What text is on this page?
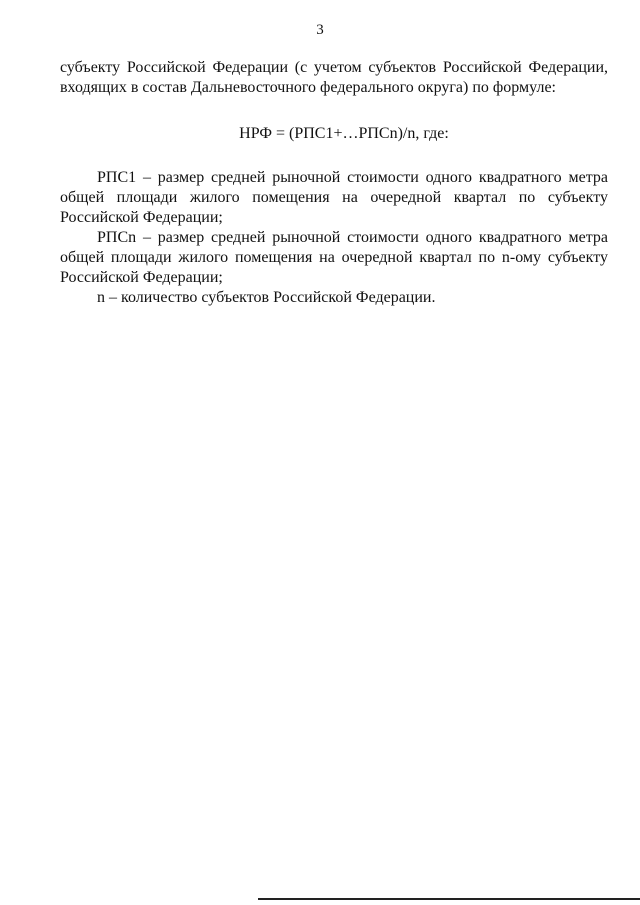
3

субъекту Российской Федерации (с учетом субъектов Российской Федерации, входящих в состав Дальневосточного федерального округа) по формуле:

НРФ = (РПС1+…РПСn)/n, где:

РПС1 – размер средней рыночной стоимости одного квадратного метра общей площади жилого помещения на очередной квартал по субъекту Российской Федерации;

РПСn – размер средней рыночной стоимости одного квадратного метра общей площади жилого помещения на очередной квартал по n-ому субъекту Российской Федерации;

n – количество субъектов Российской Федерации.
